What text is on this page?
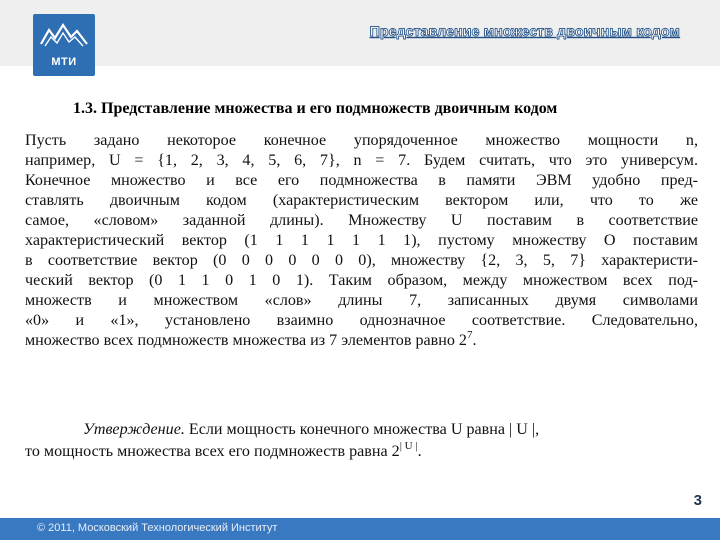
МТИ
Представление множеств двоичным кодом
1.3. Представление множества и его подмножеств двоичным кодом
Пусть задано некоторое конечное упорядоченное множество мощности n,
например, U = {1, 2, 3, 4, 5, 6, 7}, n = 7. Будем считать, что это универсум.
Конечное множество и все его подмножества в памяти ЭВМ удобно пред-
ставлять двоичным кодом (характеристическим вектором или, что то же
самое, «словом» заданной длины). Множеству U поставим в соответствие
характеристический вектор (1 1 1 1 1 1 1), пустому множеству O поставим
в соответствие вектор (0 0 0 0 0 0 0), множеству {2, 3, 5, 7} характеристи-
ческий вектор (0 1 1 0 1 0 1). Таким образом, между множеством всех под-
множеств и множеством «слов» длины 7, записанных двумя символами
«0» и «1», установлено взаимно однозначное соответствие. Следовательно,
множество всех подмножеств множества из 7 элементов равно $2^7$.
Утверждение. Если мощность конечного множества U равна | U |,
то мощность множества всех его подмножеств равна $2^{| U |}$.
3
© 2011, Московский Технологический Институт
